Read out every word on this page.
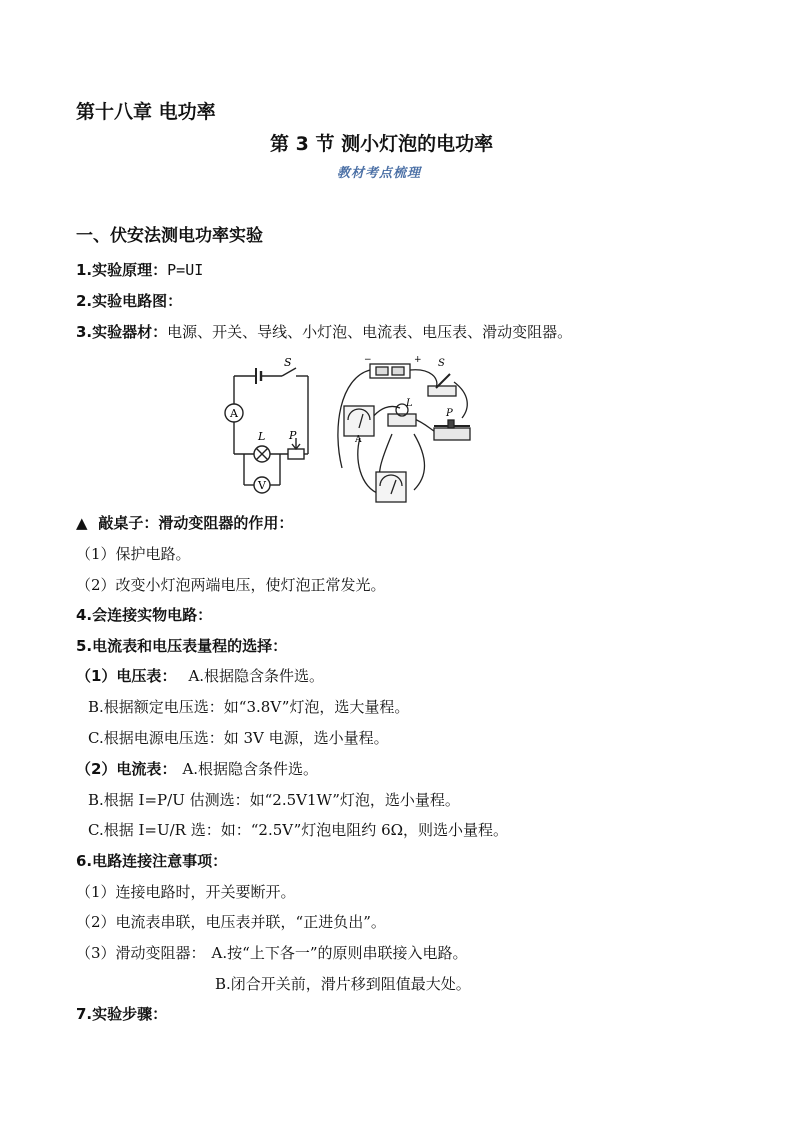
第十八章 电功率
第 3 节 测小灯泡的电功率
教材考点梳理
一、伏安法测电功率实验
1.实验原理：P=UI
2.实验电路图：
3.实验器材：电源、开关、导线、小灯泡、电流表、电压表、滑动变阻器。
A
S
L P
V
−	+ S
A
L
P
▲ 敲桌子：滑动变阻器的作用：
（1）保护电路。
（2）改变小灯泡两端电压，使灯泡正常发光。
4.会连接实物电路：
5.电流表和电压表量程的选择：
（1）电压表： A.根据隐含条件选。
B.根据额定电压选：如“3.8V”灯泡，选大量程。
C.根据电源电压选：如 3V 电源，选小量程。
（2）电流表： A.根据隐含条件选。
B.根据 I=P/U 估测选：如“2.5V1W”灯泡，选小量程。
C.根据 I=U/R 选：如：“2.5V”灯泡电阻约 6Ω，则选小量程。
6.电路连接注意事项：
（1）连接电路时，开关要断开。
（2）电流表串联，电压表并联，“正进负出”。
（3）滑动变阻器： A.按“上下各一”的原则串联接入电路。
B.闭合开关前，滑片移到阻值最大处。
7.实验步骤：
